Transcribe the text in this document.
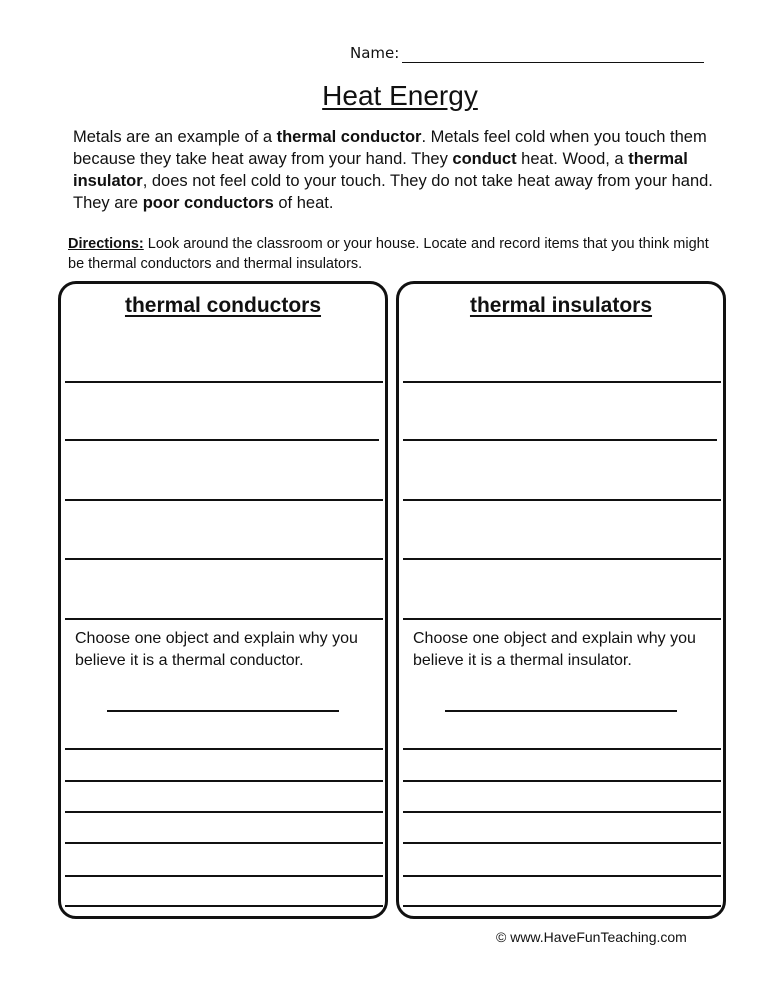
Name:
Heat Energy
Metals are an example of a thermal conductor. Metals feel cold when you touch them because they take heat away from your hand. They conduct heat. Wood, a thermal insulator, does not feel cold to your touch. They do not take heat away from your hand. They are poor conductors of heat.
Directions: Look around the classroom or your house. Locate and record items that you think might be thermal conductors and thermal insulators.
thermal conductors
Choose one object and explain why you believe it is a thermal conductor.
thermal insulators
Choose one object and explain why you believe it is a thermal insulator.
© www.HaveFunTeaching.com
